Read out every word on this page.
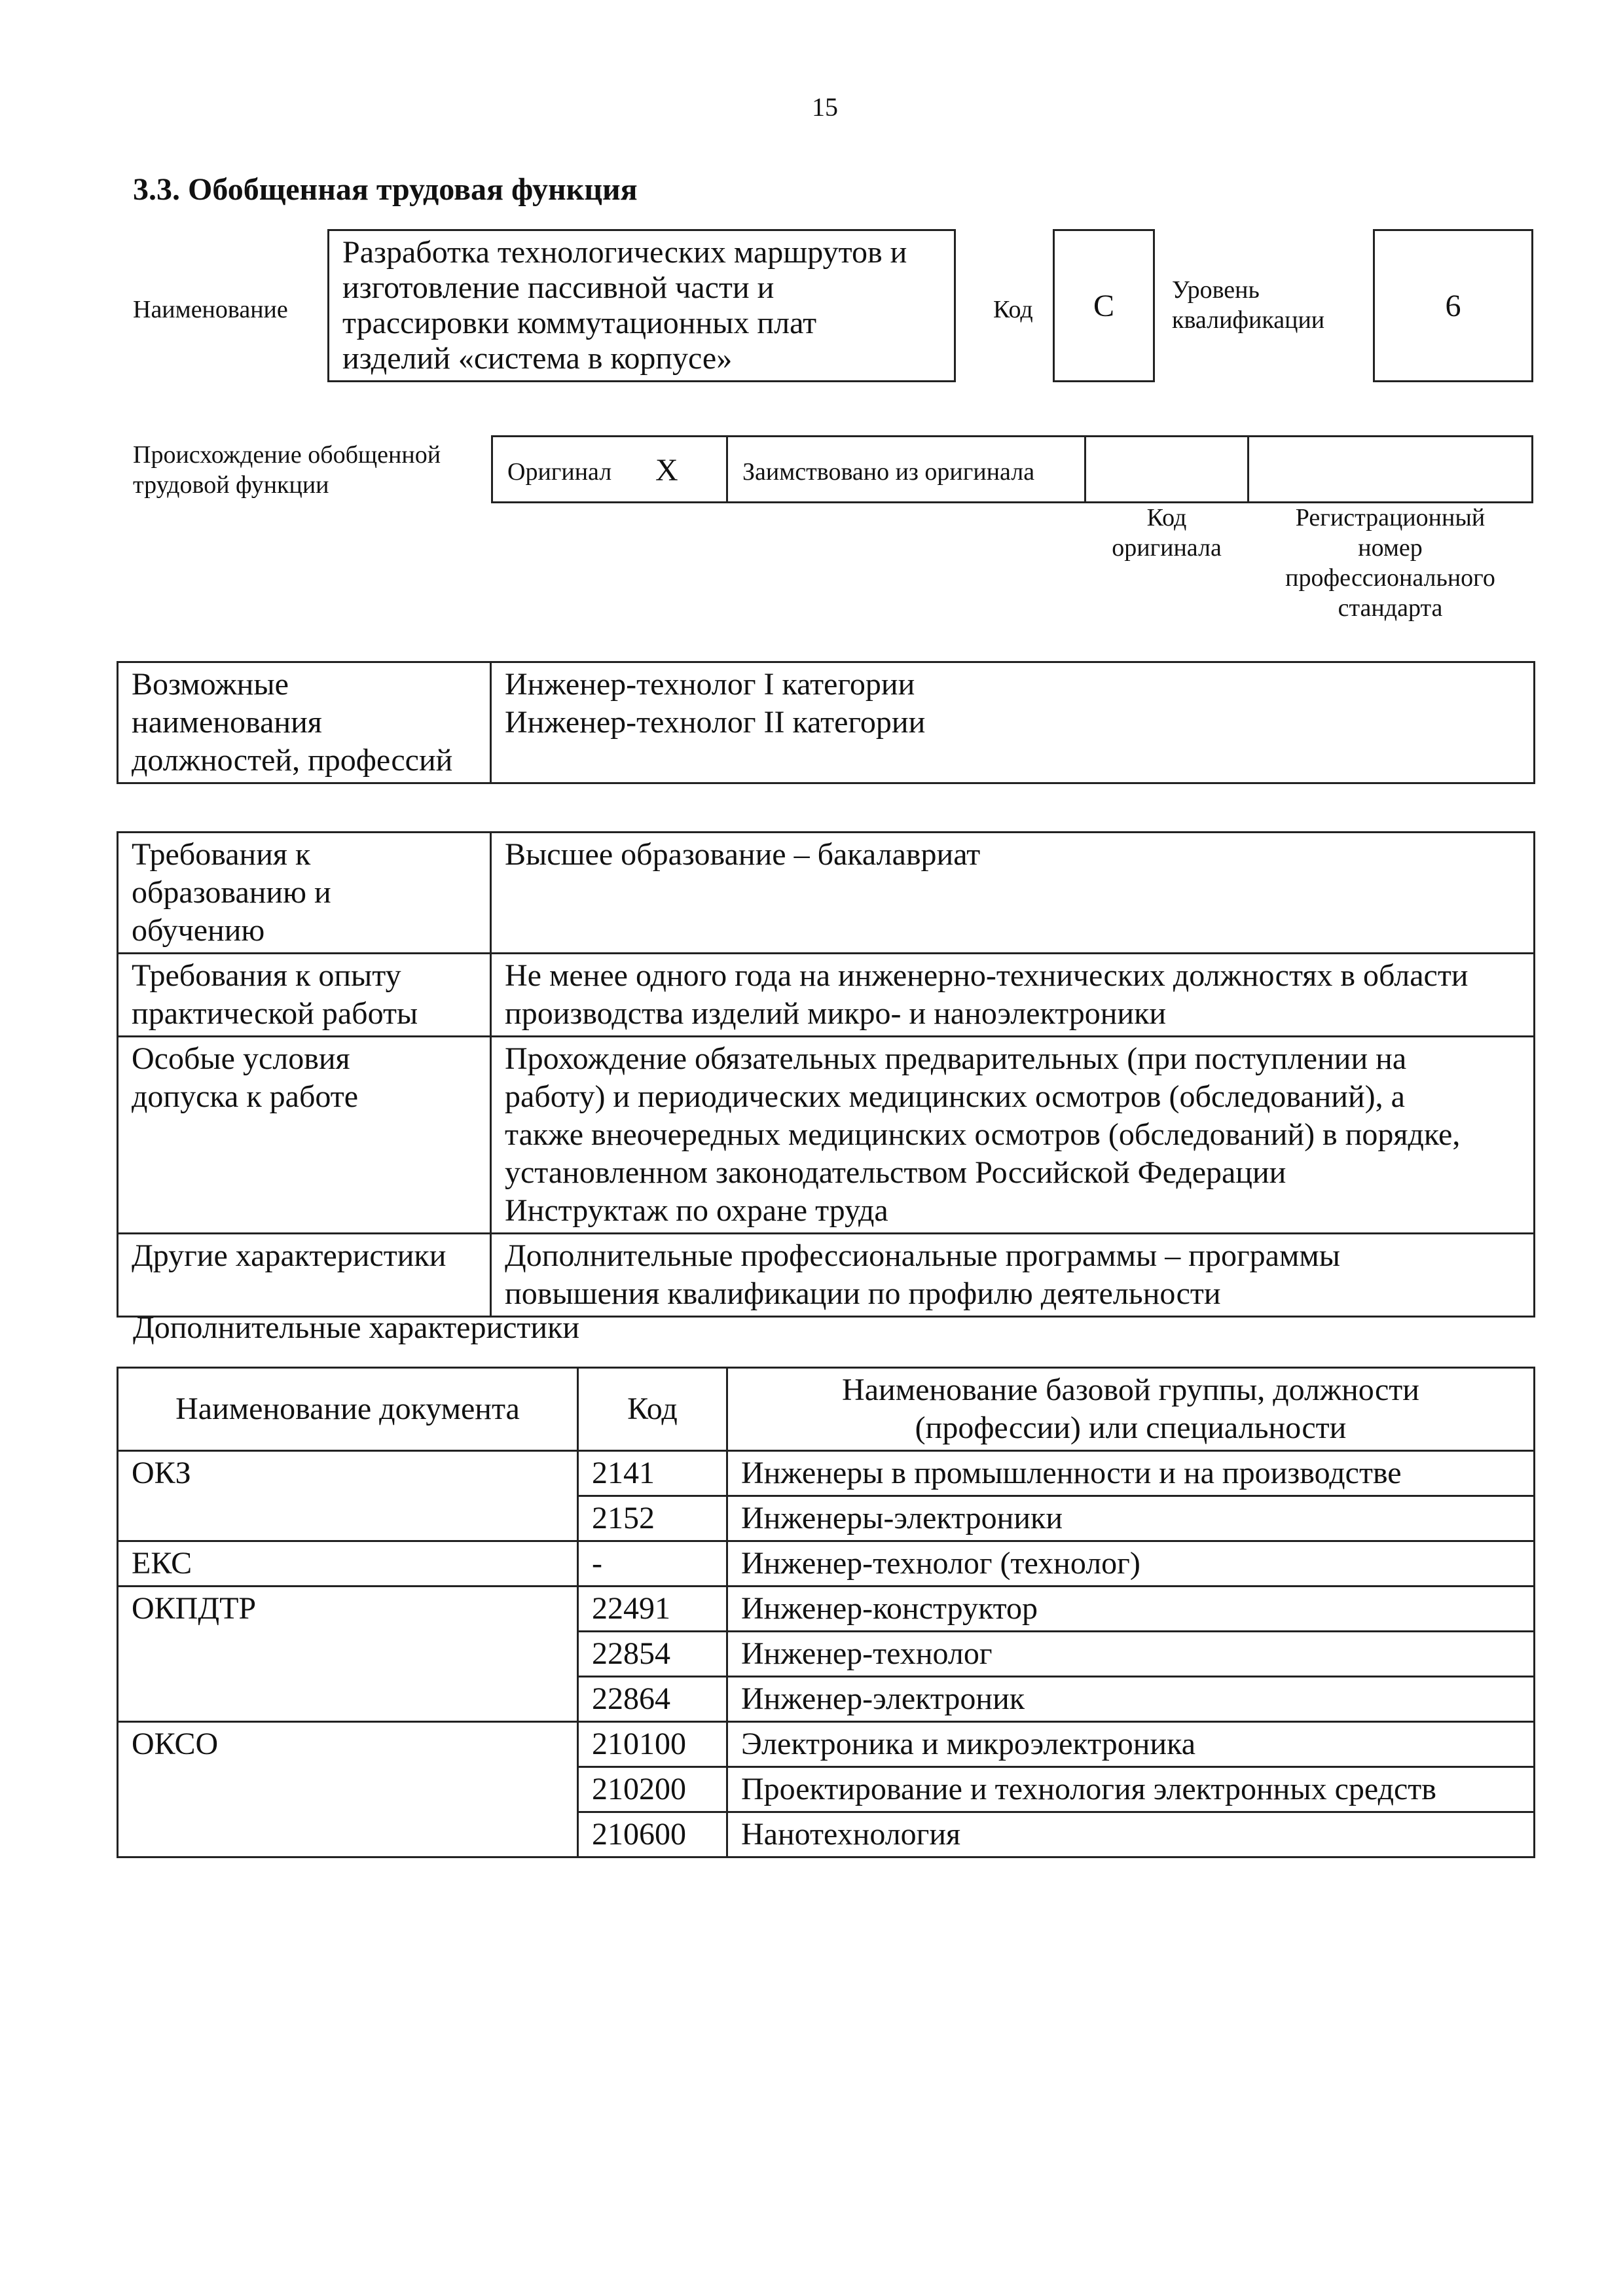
15
3.3. Обобщенная трудовая функция
Наименование
Разработка технологических маршрутов и
изготовление пассивной части и
трассировки коммутационных плат
изделий «система в корпусе»
Код	C	Уровень
квалификации	6
Происхождение обобщенной
трудовой функции	Оригинал X	Заимствовано из оригинала
Код
оригинала
Регистрационный
номер
профессионального
стандарта
Возможные
наименования
должностей, профессий	Инженер-технолог I категории
Инженер-технолог II категории
Требования к
образованию и
обучению	Высшее образование – бакалавриат
Требования к опыту
практической работы	Не менее одного года на инженерно-технических должностях в области
производства изделий микро- и наноэлектроники
Особые условия
допуска к работе	Прохождение обязательных предварительных (при поступлении на
работу) и периодических медицинских осмотров (обследований), а
также внеочередных медицинских осмотров (обследований) в порядке,
установленном законодательством Российской Федерации
Инструктаж по охране труда
Другие характеристики	Дополнительные профессиональные программы – программы
повышения квалификации по профилю деятельности
Дополнительные характеристики
Наименование документа	Код	Наименование базовой группы, должности
(профессии) или специальности
ОКЗ	2141	Инженеры в промышленности и на производстве
	2152	Инженеры-электроники
ЕКС	-	Инженер-технолог (технолог)
ОКПДТР	22491	Инженер-конструктор
	22854	Инженер-технолог
	22864	Инженер-электроник
ОКСО	210100	Электроника и микроэлектроника
	210200	Проектирование и технология электронных средств
	210600	Нанотехнология
